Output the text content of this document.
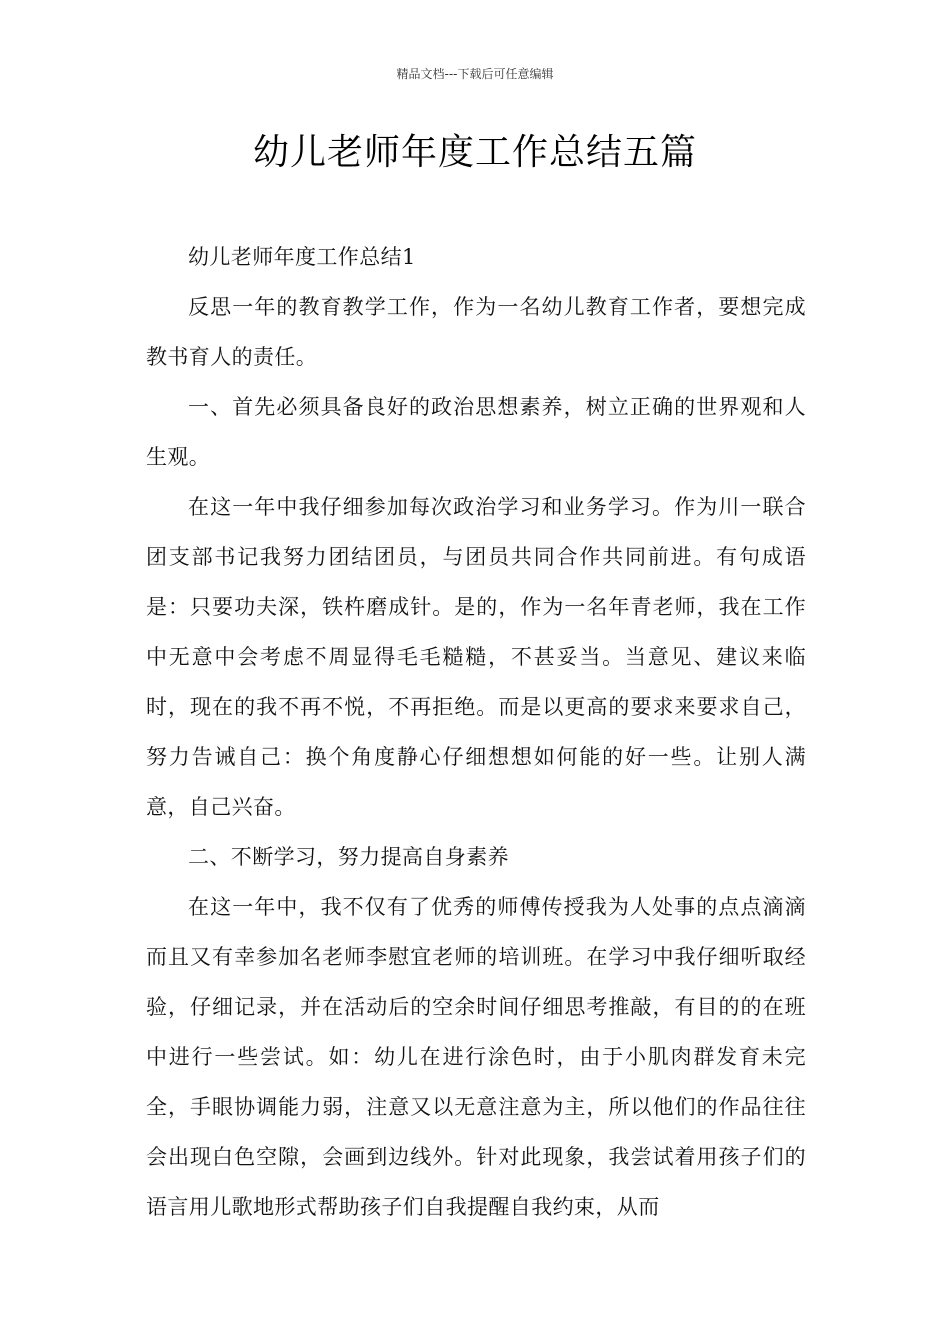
精品文档---下载后可任意编辑
幼儿老师年度工作总结五篇

幼儿老师年度工作总结1

反思一年的教育教学工作，作为一名幼儿教育工作者，要想完成教书育人的责任。

一、首先必须具备良好的政治思想素养，树立正确的世界观和人生观。

在这一年中我仔细参加每次政治学习和业务学习。作为川一联合团支部书记我努力团结团员，与团员共同合作共同前进。有句成语是：只要功夫深，铁杵磨成针。是的，作为一名年青老师，我在工作中无意中会考虑不周显得毛毛糙糙，不甚妥当。当意见、建议来临时，现在的我不再不悦，不再拒绝。而是以更高的要求来要求自己，努力告诫自己：换个角度静心仔细想想如何能的好一些。让别人满意，自己兴奋。

二、不断学习，努力提高自身素养

在这一年中，我不仅有了优秀的师傅传授我为人处事的点点滴滴而且又有幸参加名老师李慰宜老师的培训班。在学习中我仔细听取经验，仔细记录，并在活动后的空余时间仔细思考推敲，有目的的在班中进行一些尝试。如：幼儿在进行涂色时，由于小肌肉群发育未完全，手眼协调能力弱，注意又以无意注意为主，所以他们的作品往往会出现白色空隙，会画到边线外。针对此现象，我尝试着用孩子们的语言用儿歌地形式帮助孩子们自我提醒自我约束，从而
